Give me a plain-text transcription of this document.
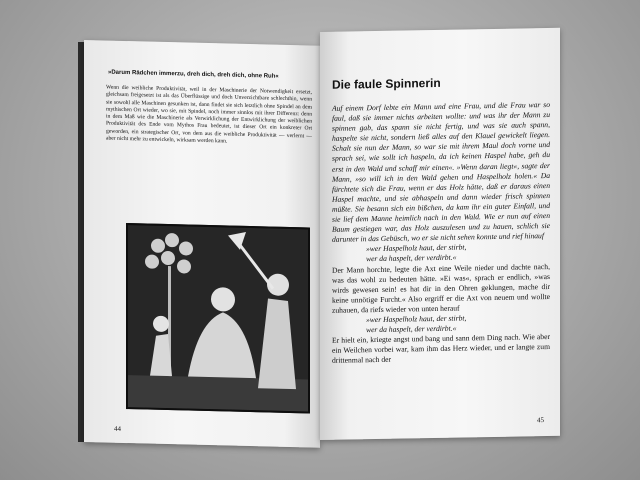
»Darum Rädchen immerzu, dreh dich, dreh dich, ohne Ruh«

Wenn die weibliche Produktivität, weil in der Maschinerie der Notwendigkeit ersetzt, gleichsam freigesetzt ist als das Überflüssige und doch Unverzichtbare schlechthin, wenn sie sowohl alle Maschinen gesunken ist, dann findet sie sich letztlich ohne Spindel an dem mythischen Ort wieder, wo sie, mit Spindel, noch immer sinnlos mit ihrer Differenz: denn in dem Maß wie die Maschinerie als Verwirklichung der Entwirklichung der weiblichen Produktivität des Ende vom Mythos Frau bedeutet, ist dieser Ort ein konkreter Ort geworden, ein strategischer Ort, von dem aus die weibliche Produktivität — verlernt — aber nicht mehr zu entwickeln, wirksam werden kann.

44
Die faule Spinnerin

Auf einem Dorf lebte ein Mann und eine Frau, und die Frau war so faul, daß sie immer nichts arbeiten wollte: und was ihr der Mann zu spinnen gab, das spann sie nicht fertig, und was sie auch spann, haspelte sie nicht, sondern ließ alles auf den Klauel gewickelt liegen. Schalt sie nun der Mann, so war sie mit ihrem Maul doch vorne und sprach sei, wie sollt ich haspeln, da ich keinen Haspel habe, geh du erst in den Wald und schaff mir einen«. »Wenn daran liegt«, sagte der Mann, »so will ich in den Wald gehen und Haspelholz holen.« Da fürchtete sich die Frau, wenn er das Holz hätte, daß er daraus einen Haspel machte, und sie abhaspeln und dann wieder frisch spinnen müßte. Sie besann sich ein bißchen, da kam ihr ein guter Einfall, und sie lief dem Manne heimlich nach in den Wald. Wie er nun auf einen Baum gestiegen war, das Holz auszulesen und zu hauen, schlich sie darunter in das Gebüsch, wo er sie nicht sehen konnte und rief hinauf

»wer Haspelholz haut, der stirbt,

wer da haspelt, der verdirbt.«

Der Mann horchte, legte die Axt eine Weile nieder und dachte nach, was das wohl zu bedeuten hätte. »Ei was«, sprach er endlich, »was wirds gewesen sein! es hat dir in den Ohren geklungen, mache dir keine unnötige Furcht.« Also ergriff er die Axt von neuem und wollte zuhauen, da riefs wieder von unten herauf

»wer Haspelholz haut, der stirbt,

wer da haspelt, der verdirbt.«

Er hielt ein, kriegte angst und bang und sann dem Ding nach. Wie aber ein Weilchen vorbei war, kam ihm das Herz wieder, und er langte zum drittenmal nach der

45
